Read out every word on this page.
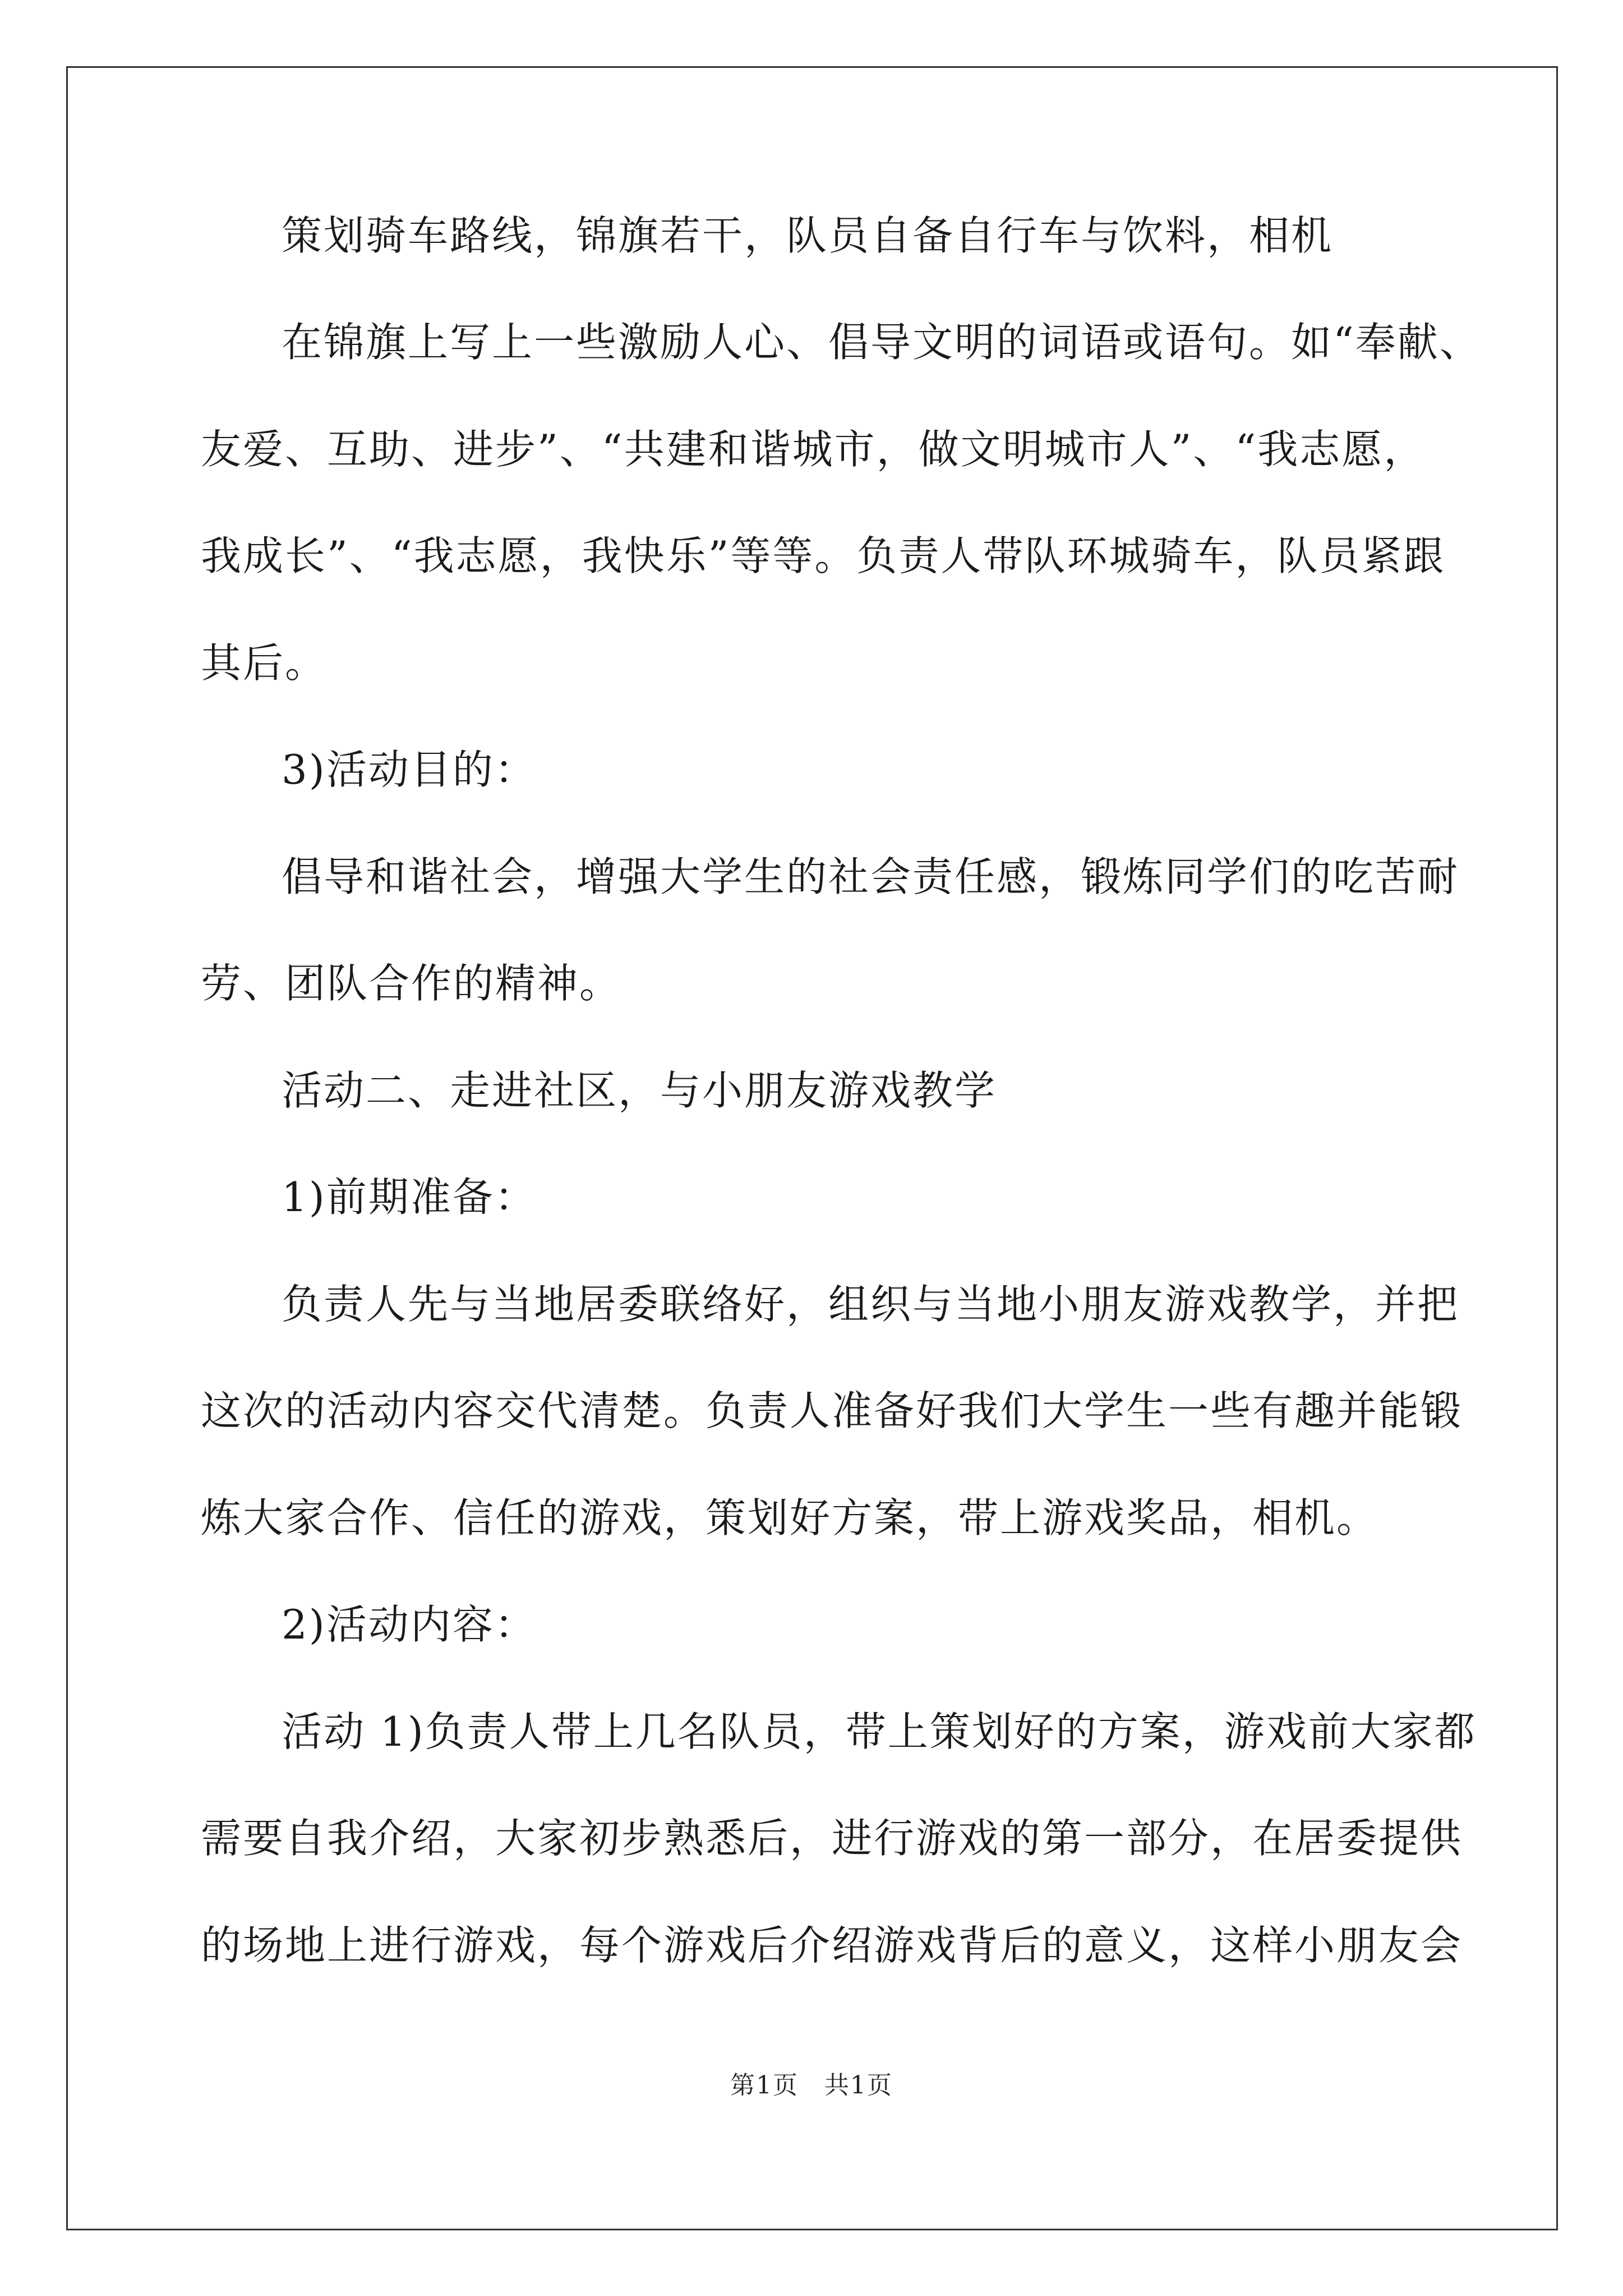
策划骑车路线，锦旗若干，队员自备自行车与饮料，相机
在锦旗上写上一些激励人心、倡导文明的词语或语句。如“奉献、
友爱、互助、进步”、“共建和谐城市，做文明城市人”、“我志愿，
我成长”、“我志愿，我快乐”等等。负责人带队环城骑车，队员紧跟
其后。
3)活动目的：
倡导和谐社会，增强大学生的社会责任感，锻炼同学们的吃苦耐
劳、团队合作的精神。
活动二、走进社区，与小朋友游戏教学
1)前期准备：
负责人先与当地居委联络好，组织与当地小朋友游戏教学，并把
这次的活动内容交代清楚。负责人准备好我们大学生一些有趣并能锻
炼大家合作、信任的游戏，策划好方案，带上游戏奖品，相机。
2)活动内容：
活动 1)负责人带上几名队员，带上策划好的方案，游戏前大家都
需要自我介绍，大家初步熟悉后，进行游戏的第一部分，在居委提供
的场地上进行游戏，每个游戏后介绍游戏背后的意义，这样小朋友会
第1页　共1页
